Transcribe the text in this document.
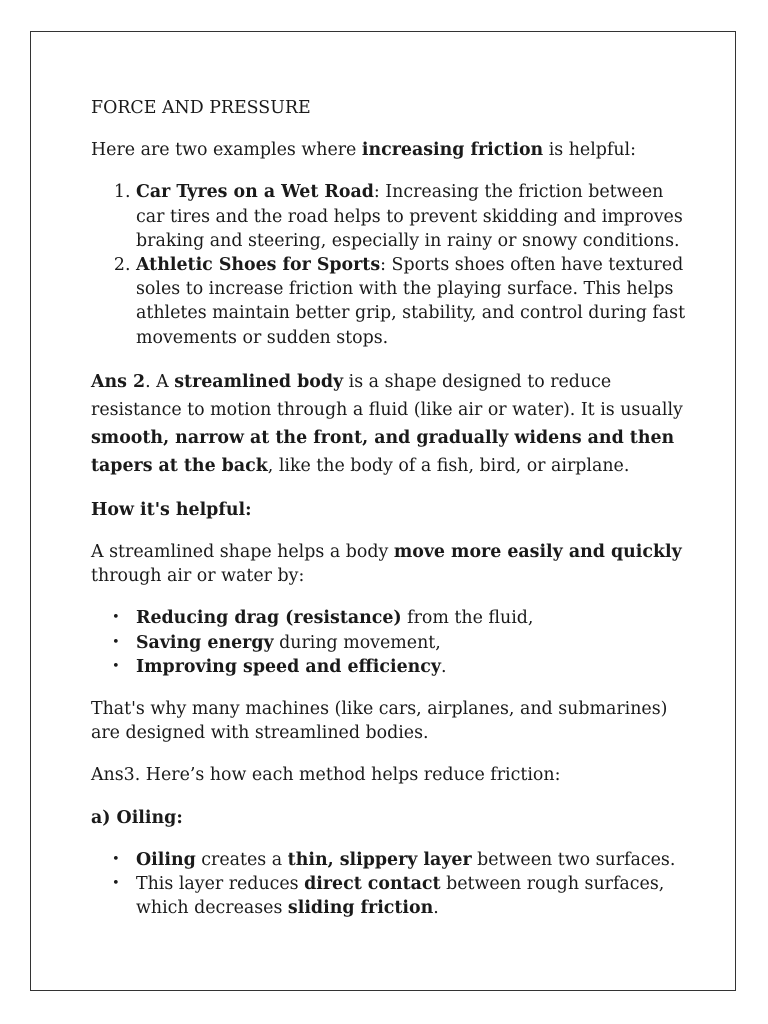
FORCE AND PRESSURE

Here are two examples where increasing friction is helpful:

1. Car Tyres on a Wet Road: Increasing the friction between car tires and the road helps to prevent skidding and improves braking and steering, especially in rainy or snowy conditions.
2. Athletic Shoes for Sports: Sports shoes often have textured soles to increase friction with the playing surface. This helps athletes maintain better grip, stability, and control during fast movements or sudden stops.

Ans 2. A streamlined body is a shape designed to reduce resistance to motion through a fluid (like air or water). It is usually smooth, narrow at the front, and gradually widens and then tapers at the back, like the body of a fish, bird, or airplane.

How it's helpful:

A streamlined shape helps a body move more easily and quickly through air or water by:

• Reducing drag (resistance) from the fluid,
• Saving energy during movement,
• Improving speed and efficiency.

That's why many machines (like cars, airplanes, and submarines) are designed with streamlined bodies.

Ans3. Here’s how each method helps reduce friction:

a) Oiling:

• Oiling creates a thin, slippery layer between two surfaces.
• This layer reduces direct contact between rough surfaces, which decreases sliding friction.
